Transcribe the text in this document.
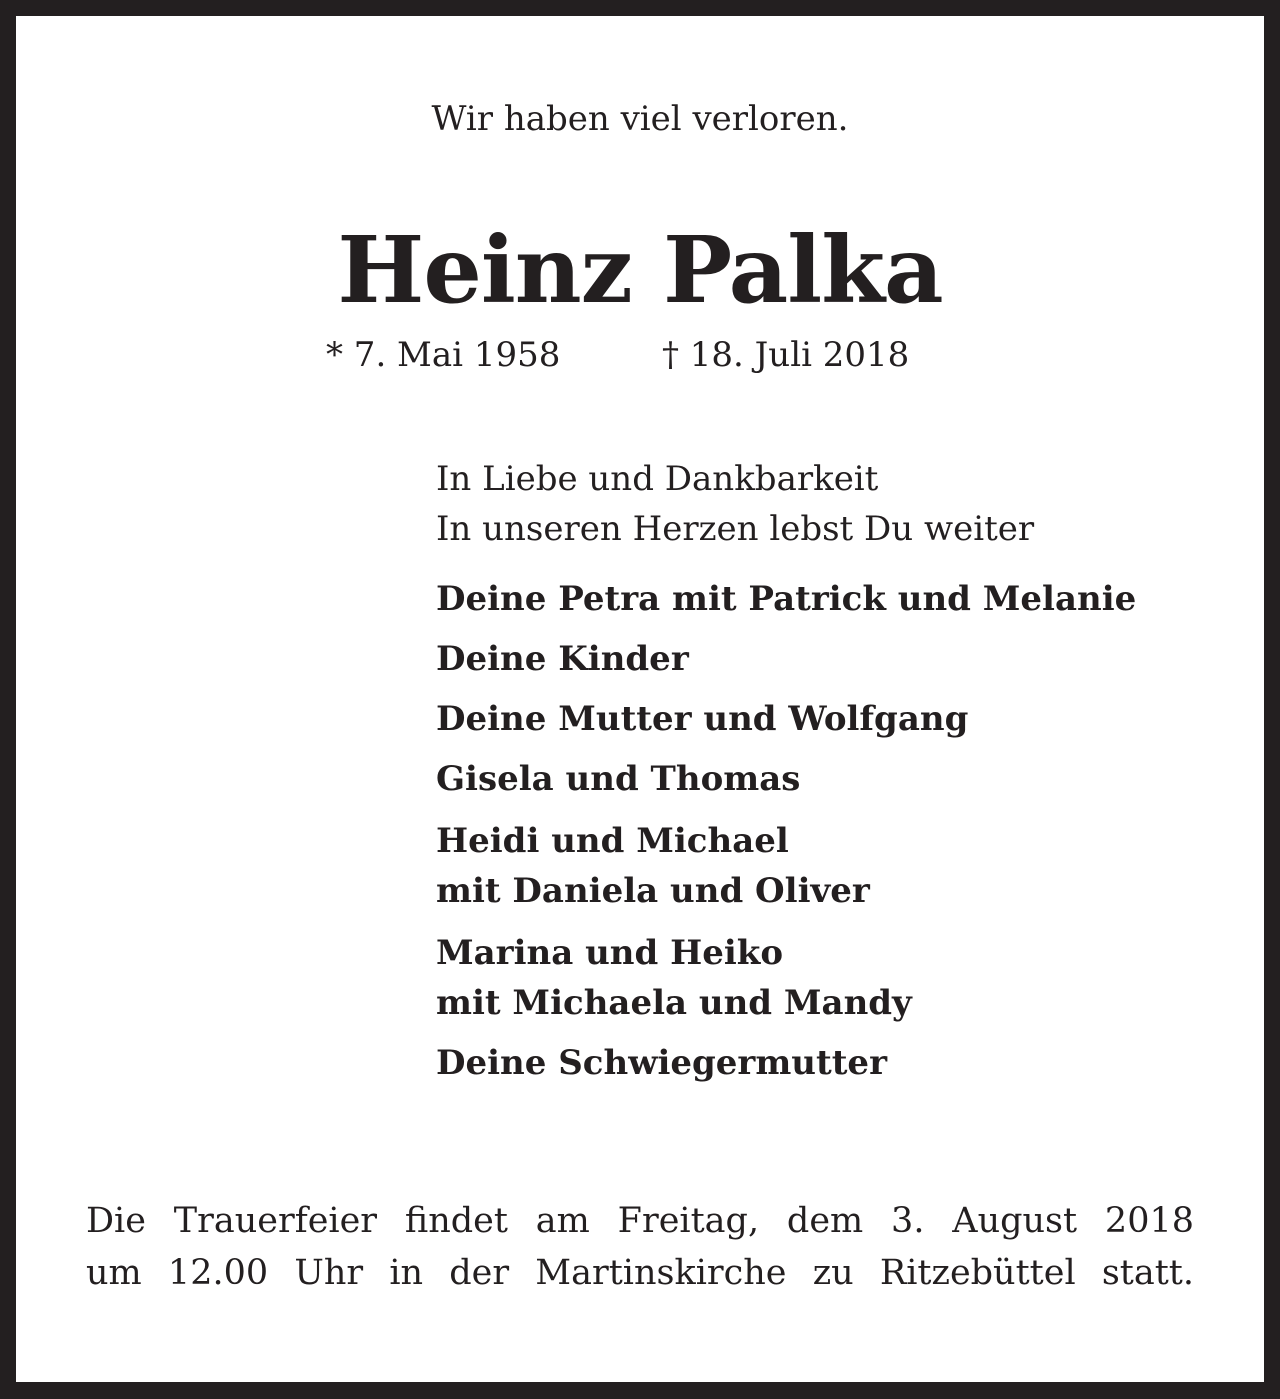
Wir haben viel verloren.
Heinz Palka
* 7. Mai 1958	† 18. Juli 2018
In Liebe und Dankbarkeit
In unseren Herzen lebst Du weiter
Deine Petra mit Patrick und Melanie
Deine Kinder
Deine Mutter und Wolfgang
Gisela und Thomas
Heidi und Michael
mit Daniela und Oliver
Marina und Heiko
mit Michaela und Mandy
Deine Schwiegermutter
Die Trauerfeier findet am Freitag, dem 3. August 2018
um 12.00 Uhr in der Martinskirche zu Ritzebüttel statt.
